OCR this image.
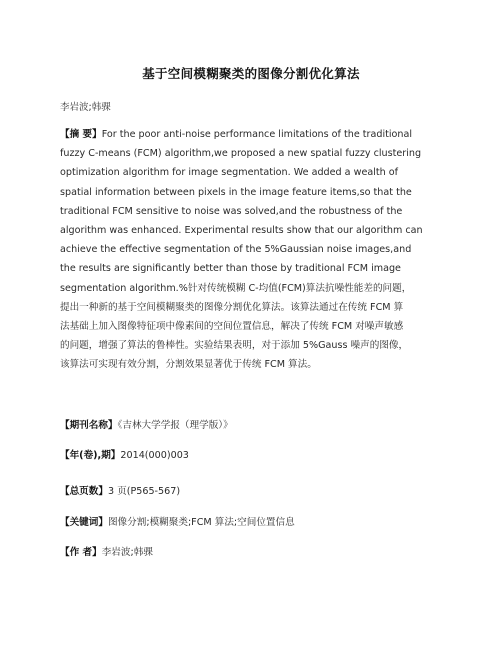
基于空间模糊聚类的图像分割优化算法
李岩波;韩骒
【摘 要】For the poor anti-noise performance limitations of the traditional
fuzzy C-means (FCM) algorithm,we proposed a new spatial fuzzy clustering
optimization algorithm for image segmentation. We added a wealth of
spatial information between pixels in the image feature items,so that the
traditional FCM sensitive to noise was solved,and the robustness of the
algorithm was enhanced. Experimental results show that our algorithm can
achieve the effective segmentation of the 5%Gaussian noise images,and
the results are significantly better than those by traditional FCM image
segmentation algorithm.%针对传统模糊 C-均值(FCM)算法抗噪性能差的问题，
提出一种新的基于空间模糊聚类的图像分割优化算法。该算法通过在传统 FCM 算
法基础上加入图像特征项中像素间的空间位置信息，解决了传统 FCM 对噪声敏感
的问题，增强了算法的鲁棒性。实验结果表明，对于添加 5%Gauss 噪声的图像，
该算法可实现有效分割，分割效果显著优于传统 FCM 算法。
【期刊名称】《吉林大学学报（理学版）》
【年(卷),期】2014(000)003
【总页数】3 页(P565-567)
【关键词】图像分割;模糊聚类;FCM 算法;空间位置信息
【作 者】李岩波;韩骒
